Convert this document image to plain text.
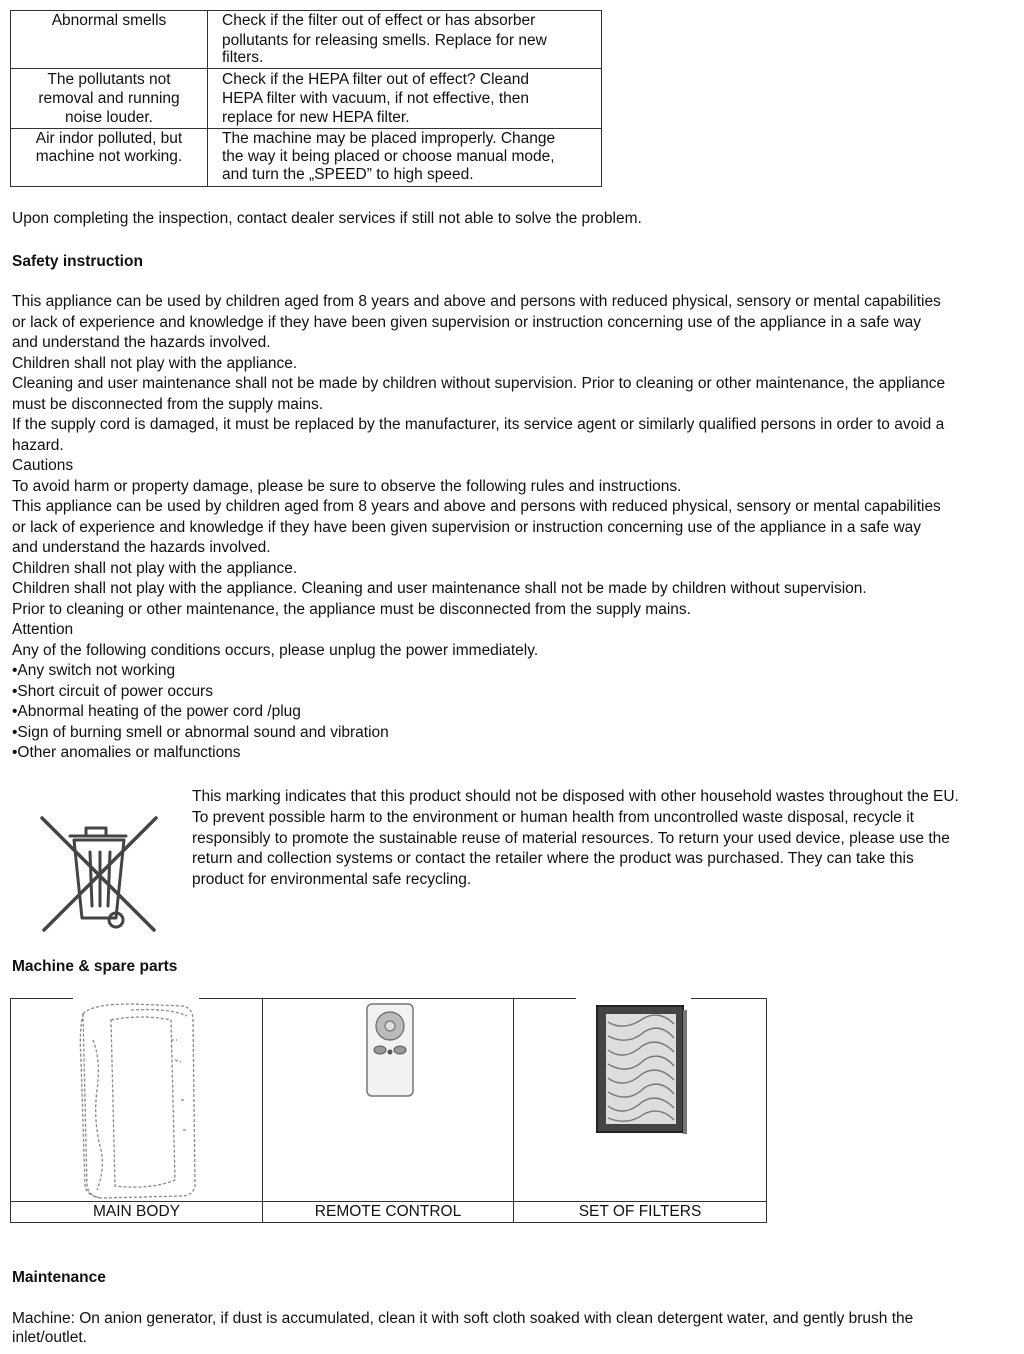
Abnormal smells	Check if the filter out of effect or has absorber
pollutants for releasing smells. Replace for new
filters.

The pollutants not
removal and running
noise louder.	Check if the HEPA filter out of effect? Cleand
HEPA filter with vacuum, if not effective, then
replace for new HEPA filter.

Air indor polluted, but
machine not working.	The machine may be placed improperly. Change
the way it being placed or choose manual mode,
and turn the „SPEED” to high speed.
Upon completing the inspection, contact dealer services if still not able to solve the problem.
Safety instruction
This appliance can be used by children aged from 8 years and above and persons with reduced physical, sensory or mental capabilities
or lack of experience and knowledge if they have been given supervision or instruction concerning use of the appliance in a safe way
and understand the hazards involved.
Children shall not play with the appliance.
Cleaning and user maintenance shall not be made by children without supervision. Prior to cleaning or other maintenance, the appliance
must be disconnected from the supply mains.
If the supply cord is damaged, it must be replaced by the manufacturer, its service agent or similarly qualified persons in order to avoid a
hazard.
Cautions
To avoid harm or property damage, please be sure to observe the following rules and instructions.
This appliance can be used by children aged from 8 years and above and persons with reduced physical, sensory or mental capabilities
or lack of experience and knowledge if they have been given supervision or instruction concerning use of the appliance in a safe way
and understand the hazards involved.
Children shall not play with the appliance.
Children shall not play with the appliance. Cleaning and user maintenance shall not be made by children without supervision.
Prior to cleaning or other maintenance, the appliance must be disconnected from the supply mains.
Attention
Any of the following conditions occurs, please unplug the power immediately.
•Any switch not working
•Short circuit of power occurs
•Abnormal heating of the power cord /plug
•Sign of burning smell or abnormal sound and vibration
•Other anomalies or malfunctions
This marking indicates that this product should not be disposed with other household wastes throughout the EU.
To prevent possible harm to the environment or human health from uncontrolled waste disposal, recycle it
responsibly to promote the sustainable reuse of material resources. To return your used device, please use the
return and collection systems or contact the retailer where the product was purchased. They can take this
product for environmental safe recycling.
Machine & spare parts
MAIN BODY	REMOTE CONTROL	SET OF FILTERS
Maintenance
Machine: On anion generator, if dust is accumulated, clean it with soft cloth soaked with clean detergent water, and gently brush the
inlet/outlet.
